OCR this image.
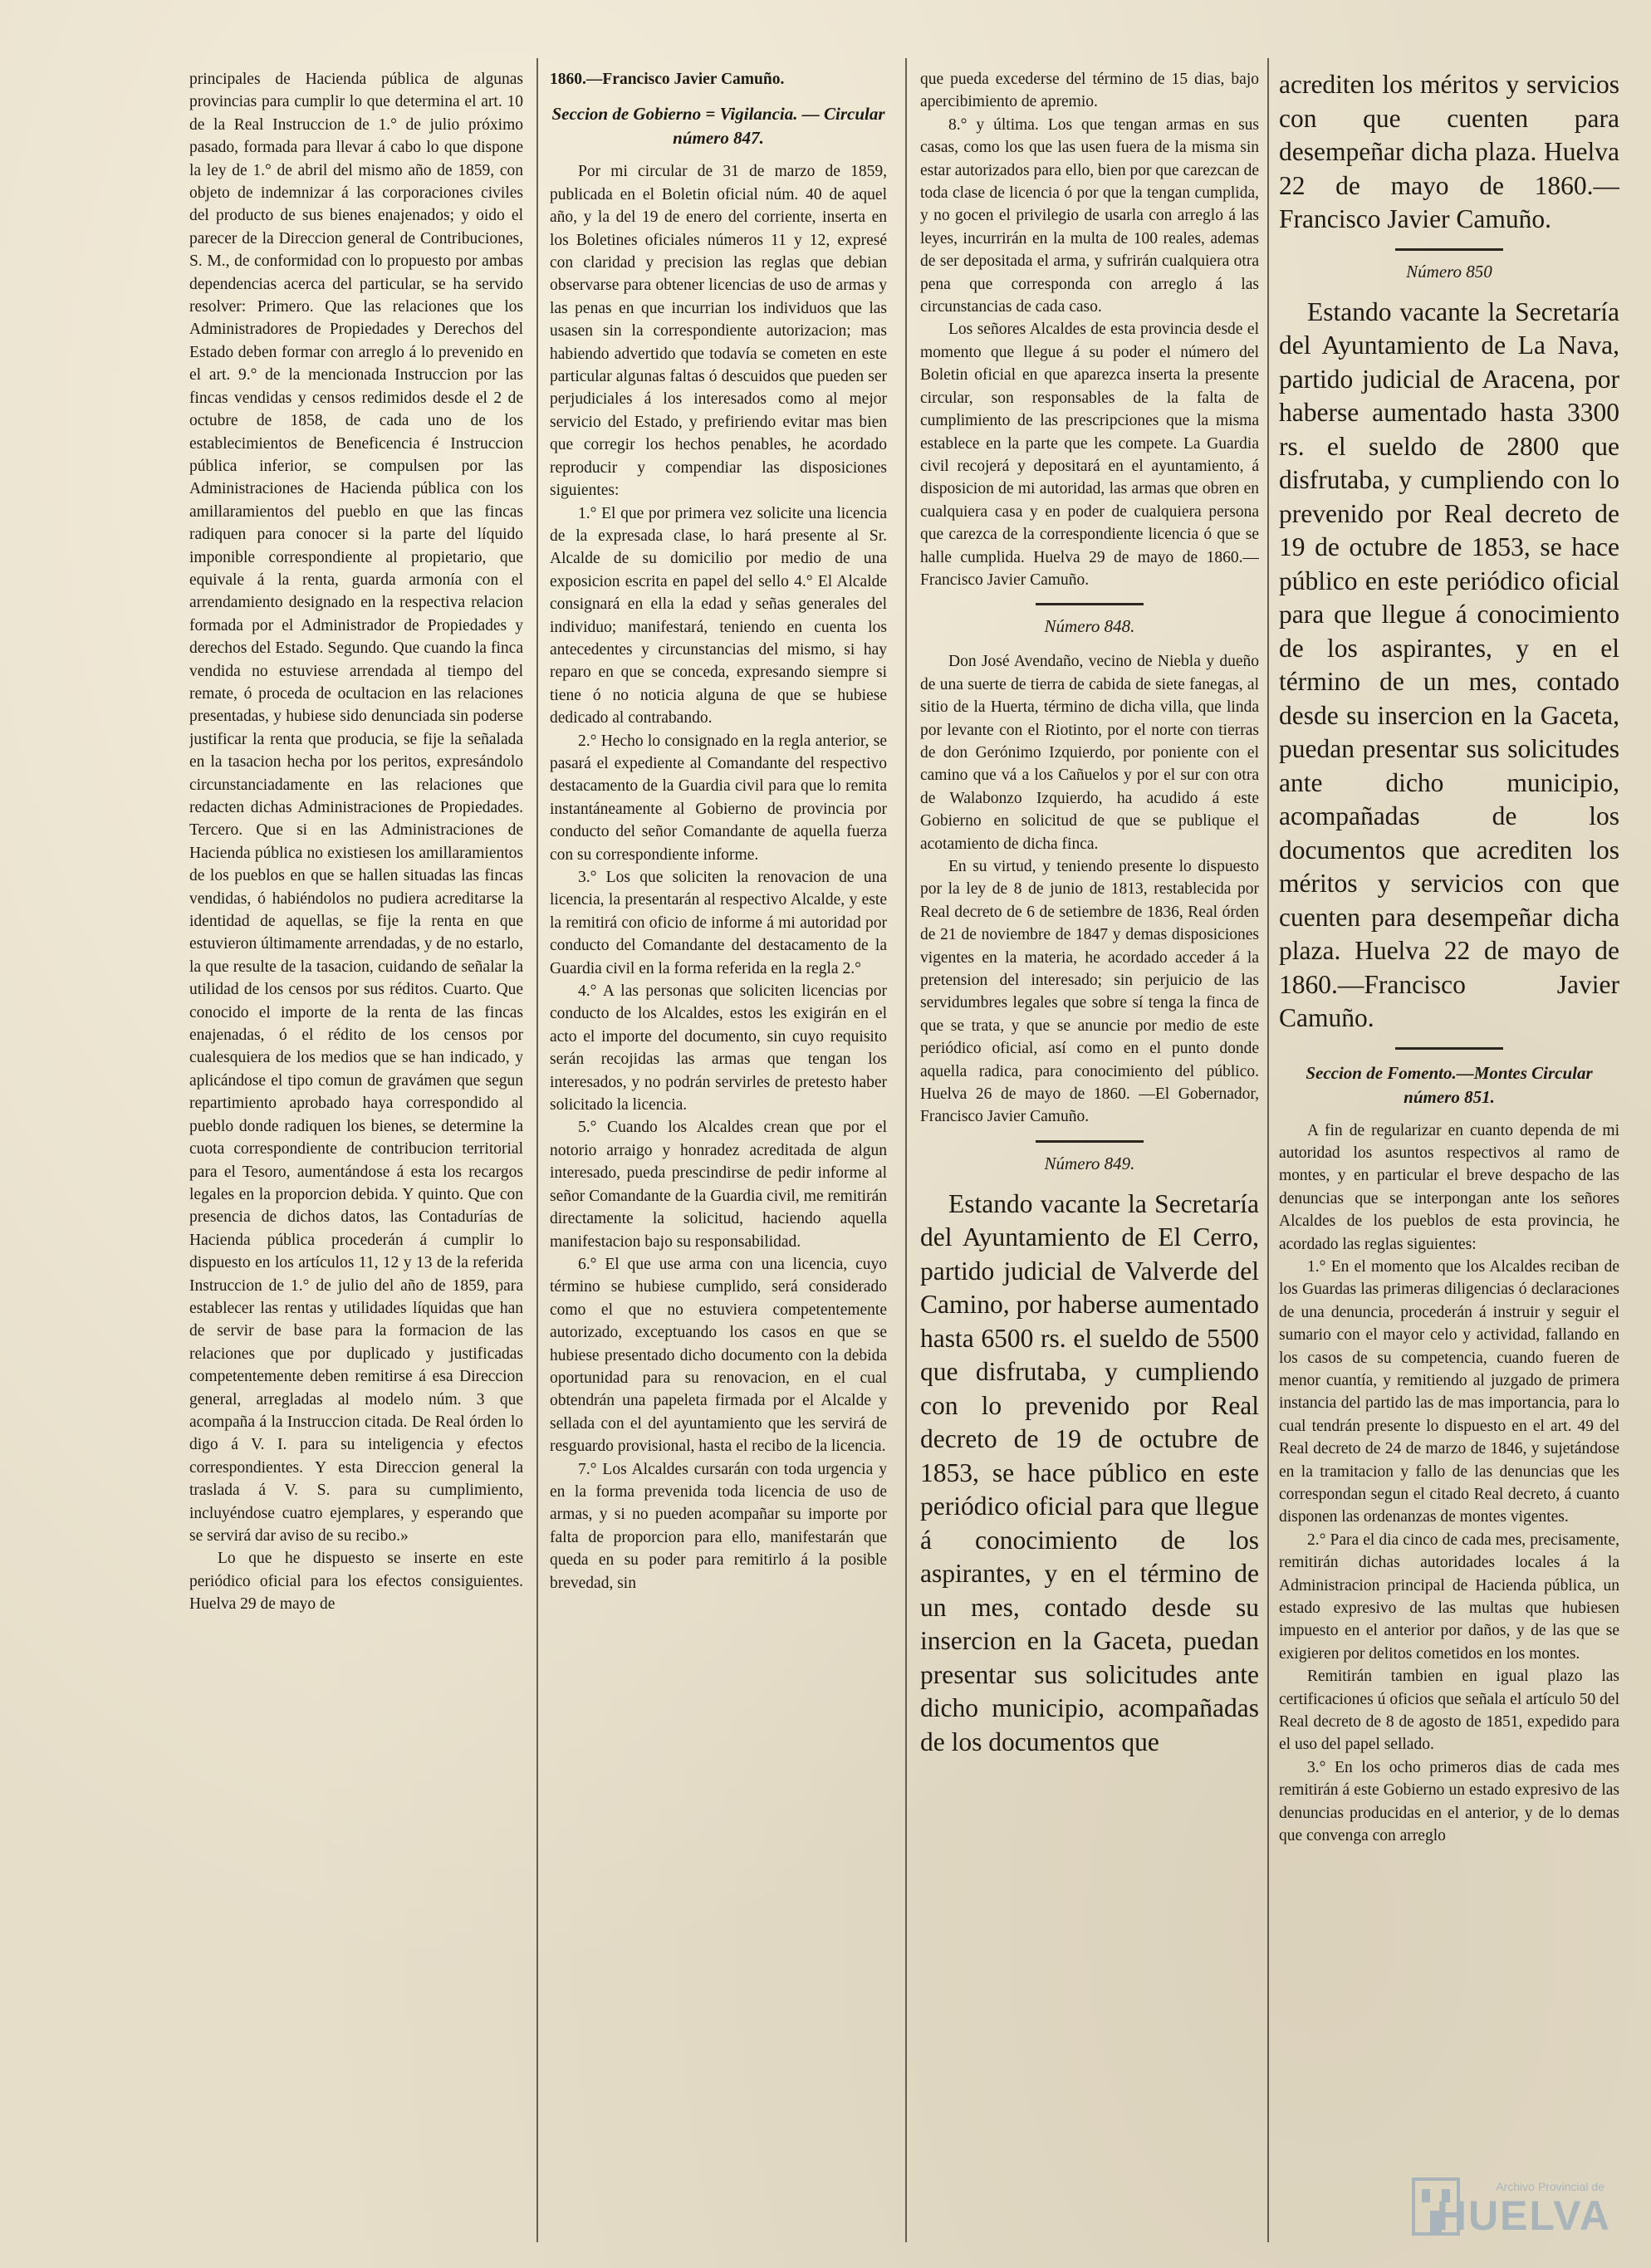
principales de Hacienda pública de algunas provincias para cumplir lo que determina el art. 10 de la Real Instruccion de 1.° de julio próximo pasado, formada para llevar á cabo lo que dispone la ley de 1.° de abril del mismo año de 1859, con objeto de indemnizar á las corporaciones civiles del producto de sus bienes enajenados; y oido el parecer de la Direccion general de Contribuciones, S. M., de conformidad con lo propuesto por ambas dependencias acerca del particular, se ha servido resolver: Primero. Que las relaciones que los Administradores de Propiedades y Derechos del Estado deben formar con arreglo á lo prevenido en el art. 9.° de la mencionada Instruccion por las fincas vendidas y censos redimidos desde el 2 de octubre de 1858, de cada uno de los establecimientos de Beneficencia é Instruccion pública inferior, se compulsen por las Administraciones de Hacienda pública con los amillaramientos del pueblo en que las fincas radiquen para conocer si la parte del líquido imponible correspondiente al propietario, que equivale á la renta, guarda armonía con el arrendamiento designado en la respectiva relacion formada por el Administrador de Propiedades y derechos del Estado. Segundo. Que cuando la finca vendida no estuviese arrendada al tiempo del remate, ó proceda de ocultacion en las relaciones presentadas, y hubiese sido denunciada sin poderse justificar la renta que producia, se fije la señalada en la tasacion hecha por los peritos, expresándolo circunstanciadamente en las relaciones que redacten dichas Administraciones de Propiedades. Tercero. Que si en las Administraciones de Hacienda pública no existiesen los amillaramientos de los pueblos en que se hallen situadas las fincas vendidas, ó habiéndolos no pudiera acreditarse la identidad de aquellas, se fije la renta en que estuvieron últimamente arrendadas, y de no estarlo, la que resulte de la tasacion, cuidando de señalar la utilidad de los censos por sus réditos. Cuarto. Que conocido el importe de la renta de las fincas enajenadas, ó el rédito de los censos por cualesquiera de los medios que se han indicado, y aplicándose el tipo comun de gravámen que segun repartimiento aprobado haya correspondido al pueblo donde radiquen los bienes, se determine la cuota correspondiente de contribucion territorial para el Tesoro, aumentándose á esta los recargos legales en la proporcion debida. Y quinto. Que con presencia de dichos datos, las Contadurías de Hacienda pública procederán á cumplir lo dispuesto en los artículos 11, 12 y 13 de la referida Instruccion de 1.° de julio del año de 1859, para establecer las rentas y utilidades líquidas que han de servir de base para la formacion de las relaciones que por duplicado y justificadas competentemente deben remitirse á esa Direccion general, arregladas al modelo núm. 3 que acompaña á la Instruccion citada. De Real órden lo digo á V. I. para su inteligencia y efectos correspondientes. Y esta Direccion general la traslada á V. S. para su cumplimiento, incluyéndose cuatro ejemplares, y esperando que se servirá dar aviso de su recibo.»

Lo que he dispuesto se inserte en este periódico oficial para los efectos consiguientes. Huelva 29 de mayo de

1860.—Francisco Javier Camuño.

Seccion de Gobierno = Vigilancia. — Circular número 847.

Por mi circular de 31 de marzo de 1859, publicada en el Boletin oficial núm. 40 de aquel año, y la del 19 de enero del corriente, inserta en los Boletines oficiales números 11 y 12, expresé con claridad y precision las reglas que debian observarse para obtener licencias de uso de armas y las penas en que incurrian los individuos que las usasen sin la correspondiente autorizacion; mas habiendo advertido que todavía se cometen en este particular algunas faltas ó descuidos que pueden ser perjudiciales á los interesados como al mejor servicio del Estado, y prefiriendo evitar mas bien que corregir los hechos penables, he acordado reproducir y compendiar las disposiciones siguientes:

1.° El que por primera vez solicite una licencia de la expresada clase, lo hará presente al Sr. Alcalde de su domicilio por medio de una exposicion escrita en papel del sello 4.° El Alcalde consignará en ella la edad y señas generales del individuo; manifestará, teniendo en cuenta los antecedentes y circunstancias del mismo, si hay reparo en que se conceda, expresando siempre si tiene ó no noticia alguna de que se hubiese dedicado al contrabando.

2.° Hecho lo consignado en la regla anterior, se pasará el expediente al Comandante del respectivo destacamento de la Guardia civil para que lo remita instantáneamente al Gobierno de provincia por conducto del señor Comandante de aquella fuerza con su correspondiente informe.

3.° Los que soliciten la renovacion de una licencia, la presentarán al respectivo Alcalde, y este la remitirá con oficio de informe á mi autoridad por conducto del Comandante del destacamento de la Guardia civil en la forma referida en la regla 2.°

4.° A las personas que soliciten licencias por conducto de los Alcaldes, estos les exigirán en el acto el importe del documento, sin cuyo requisito serán recojidas las armas que tengan los interesados, y no podrán servirles de pretesto haber solicitado la licencia.

5.° Cuando los Alcaldes crean que por el notorio arraigo y honradez acreditada de algun interesado, pueda prescindirse de pedir informe al señor Comandante de la Guardia civil, me remitirán directamente la solicitud, haciendo aquella manifestacion bajo su responsabilidad.

6.° El que use arma con una licencia, cuyo término se hubiese cumplido, será considerado como el que no estuviera competentemente autorizado, exceptuando los casos en que se hubiese presentado dicho documento con la debida oportunidad para su renovacion, en el cual obtendrán una papeleta firmada por el Alcalde y sellada con el del ayuntamiento que les servirá de resguardo provisional, hasta el recibo de la licencia.

7.° Los Alcaldes cursarán con toda urgencia y en la forma prevenida toda licencia de uso de armas, y si no pueden acompañar su importe por falta de proporcion para ello, manifestarán que queda en su poder para remitirlo á la posible brevedad, sin

que pueda excederse del término de 15 dias, bajo apercibimiento de apremio.

8.° y última. Los que tengan armas en sus casas, como los que las usen fuera de la misma sin estar autorizados para ello, bien por que carezcan de toda clase de licencia ó por que la tengan cumplida, y no gocen el privilegio de usarla con arreglo á las leyes, incurrirán en la multa de 100 reales, ademas de ser depositada el arma, y sufrirán cualquiera otra pena que corresponda con arreglo á las circunstancias de cada caso.

Los señores Alcaldes de esta provincia desde el momento que llegue á su poder el número del Boletin oficial en que aparezca inserta la presente circular, son responsables de la falta de cumplimiento de las prescripciones que la misma establece en la parte que les compete. La Guardia civil recojerá y depositará en el ayuntamiento, á disposicion de mi autoridad, las armas que obren en cualquiera casa y en poder de cualquiera persona que carezca de la correspondiente licencia ó que se halle cumplida. Huelva 29 de mayo de 1860.—Francisco Javier Camuño.

Número 848.

Don José Avendaño, vecino de Niebla y dueño de una suerte de tierra de cabida de siete fanegas, al sitio de la Huerta, término de dicha villa, que linda por levante con el Riotinto, por el norte con tierras de don Gerónimo Izquierdo, por poniente con el camino que vá a los Cañuelos y por el sur con otra de Walabonzo Izquierdo, ha acudido á este Gobierno en solicitud de que se publique el acotamiento de dicha finca.

En su virtud, y teniendo presente lo dispuesto por la ley de 8 de junio de 1813, restablecida por Real decreto de 6 de setiembre de 1836, Real órden de 21 de noviembre de 1847 y demas disposiciones vigentes en la materia, he acordado acceder á la pretension del interesado; sin perjuicio de las servidumbres legales que sobre sí tenga la finca de que se trata, y que se anuncie por medio de este periódico oficial, así como en el punto donde aquella radica, para conocimiento del público. Huelva 26 de mayo de 1860. —El Gobernador, Francisco Javier Camuño.

Número 849.

Estando vacante la Secretaría del Ayuntamiento de El Cerro, partido judicial de Valverde del Camino, por haberse aumentado hasta 6500 rs. el sueldo de 5500 que disfrutaba, y cumpliendo con lo prevenido por Real decreto de 19 de octubre de 1853, se hace público en este periódico oficial para que llegue á conocimiento de los aspirantes, y en el término de un mes, contado desde su insercion en la Gaceta, puedan presentar sus solicitudes ante dicho municipio, acompañadas de los documentos que

acrediten los méritos y servicios con que cuenten para desempeñar dicha plaza. Huelva 22 de mayo de 1860.—Francisco Javier Camuño.

Número 850

Estando vacante la Secretaría del Ayuntamiento de La Nava, partido judicial de Aracena, por haberse aumentado hasta 3300 rs. el sueldo de 2800 que disfrutaba, y cumpliendo con lo prevenido por Real decreto de 19 de octubre de 1853, se hace público en este periódico oficial para que llegue á conocimiento de los aspirantes, y en el término de un mes, contado desde su insercion en la Gaceta, puedan presentar sus solicitudes ante dicho municipio, acompañadas de los documentos que acrediten los méritos y servicios con que cuenten para desempeñar dicha plaza. Huelva 22 de mayo de 1860.—Francisco Javier Camuño.

Seccion de Fomento.—Montes Circular número 851.

A fin de regularizar en cuanto dependa de mi autoridad los asuntos respectivos al ramo de montes, y en particular el breve despacho de las denuncias que se interpongan ante los señores Alcaldes de los pueblos de esta provincia, he acordado las reglas siguientes:

1.° En el momento que los Alcaldes reciban de los Guardas las primeras diligencias ó declaraciones de una denuncia, procederán á instruir y seguir el sumario con el mayor celo y actividad, fallando en los casos de su competencia, cuando fueren de menor cuantía, y remitiendo al juzgado de primera instancia del partido las de mas importancia, para lo cual tendrán presente lo dispuesto en el art. 49 del Real decreto de 24 de marzo de 1846, y sujetándose en la tramitacion y fallo de las denuncias que les correspondan segun el citado Real decreto, á cuanto disponen las ordenanzas de montes vigentes.

2.° Para el dia cinco de cada mes, precisamente, remitirán dichas autoridades locales á la Administracion principal de Hacienda pública, un estado expresivo de las multas que hubiesen impuesto en el anterior por daños, y de las que se exigieren por delitos cometidos en los montes.

Remitirán tambien en igual plazo las certificaciones ú oficios que señala el artículo 50 del Real decreto de 8 de agosto de 1851, expedido para el uso del papel sellado.

3.° En los ocho primeros dias de cada mes remitirán á este Gobierno un estado expresivo de las denuncias producidas en el anterior, y de lo demas que convenga con arreglo

Archivo Provincial de
HUELVA
